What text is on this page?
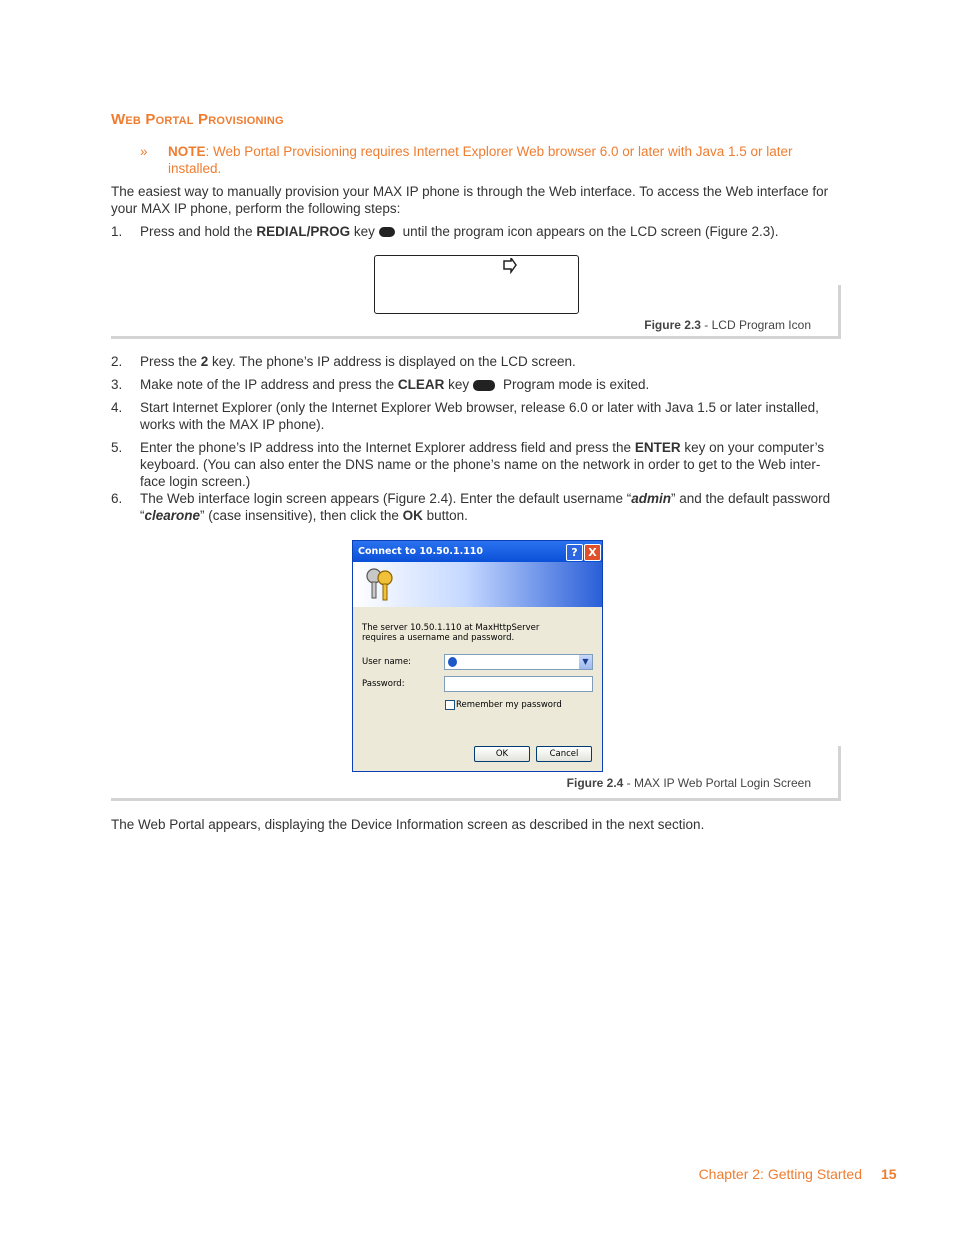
Web Portal Provisioning
» NOTE: Web Portal Provisioning requires Internet Explorer Web browser 6.0 or later with Java 1.5 or later installed.
The easiest way to manually provision your MAX IP phone is through the Web interface. To access the Web interface for your MAX IP phone, perform the following steps:
1.	Press and hold the REDIAL/PROG key until the program icon appears on the LCD screen (Figure 2.3).
Figure 2.3 - LCD Program Icon
2.	Press the 2 key. The phone’s IP address is displayed on the LCD screen.
3.	Make note of the IP address and press the CLEAR key Program mode is exited.
4.	Start Internet Explorer (only the Internet Explorer Web browser, release 6.0 or later with Java 1.5 or later installed, works with the MAX IP phone).
5.	Enter the phone’s IP address into the Internet Explorer address field and press the ENTER key on your computer’s keyboard. (You can also enter the DNS name or the phone’s name on the network in order to get to the Web inter-face login screen.)
6.	The Web interface login screen appears (Figure 2.4). Enter the default username “admin” and the default password “clearone” (case insensitive), then click the OK button.
Connect to 10.50.1.110	? X
The server 10.50.1.110 at MaxHttpServer requires a username and password.
User name:	▼
Password:
Remember my password
OK	Cancel
Figure 2.4 - MAX IP Web Portal Login Screen
The Web Portal appears, displaying the Device Information screen as described in the next section.
Chapter 2: Getting Started 15
